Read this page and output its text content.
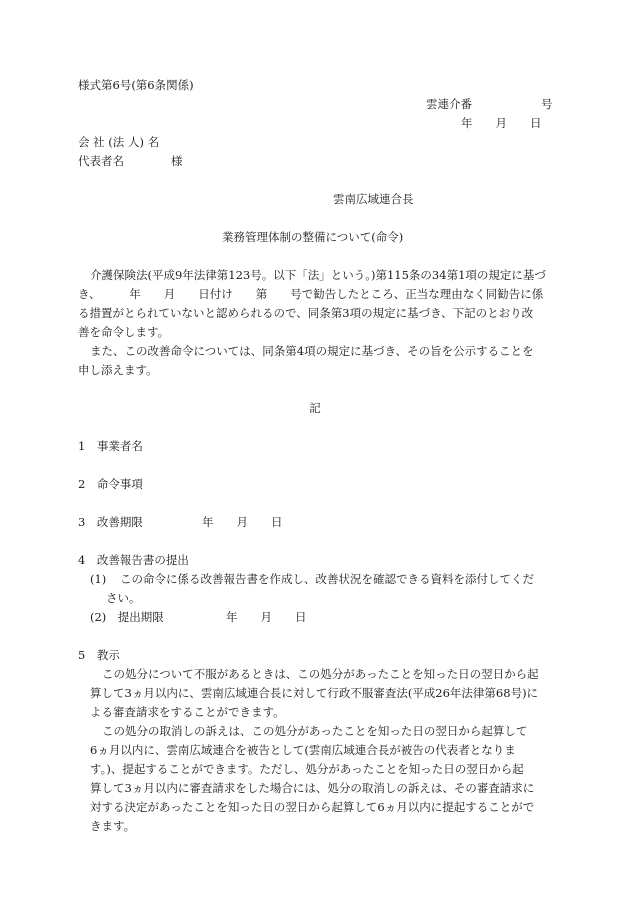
様式第6号(第6条関係)
雲連介番　　　　　　号
年　　月　　日
会 社 (法 人) 名
代表者名	様
雲南広域連合長
業務管理体制の整備について(命令)
介護保険法(平成9年法律第123号。以下「法」という。)第115条の34第1項の規定に基づ
き、　　　年　　月　　日付け　　第　　号で勧告したところ、正当な理由なく同勧告に係
る措置がとられていないと認められるので、同条第3項の規定に基づき、下記のとおり改
善を命令します。
また、この改善命令については、同条第4項の規定に基づき、その旨を公示することを
申し添えます。
記
1　事業者名
2　命令事項
3　改善期限	年　　月　　日
4　改善報告書の提出
(1) この命令に係る改善報告書を作成し、改善状況を確認できる資料を添付してくだ
さい。
(2)　提出期限	年　　月　　日
5　教示
この処分について不服があるときは、この処分があったことを知った日の翌日から起
算して3ヵ月以内に、雲南広域連合長に対して行政不服審査法(平成26年法律第68号)に
よる審査請求をすることができます。
この処分の取消しの訴えは、この処分があったことを知った日の翌日から起算して
6ヵ月以内に、雲南広域連合を被告として(雲南広域連合長が被告の代表者となりま
す。)、提起することができます。ただし、処分があったことを知った日の翌日から起
算して3ヵ月以内に審査請求をした場合には、処分の取消しの訴えは、その審査請求に
対する決定があったことを知った日の翌日から起算して6ヵ月以内に提起することがで
きます。
